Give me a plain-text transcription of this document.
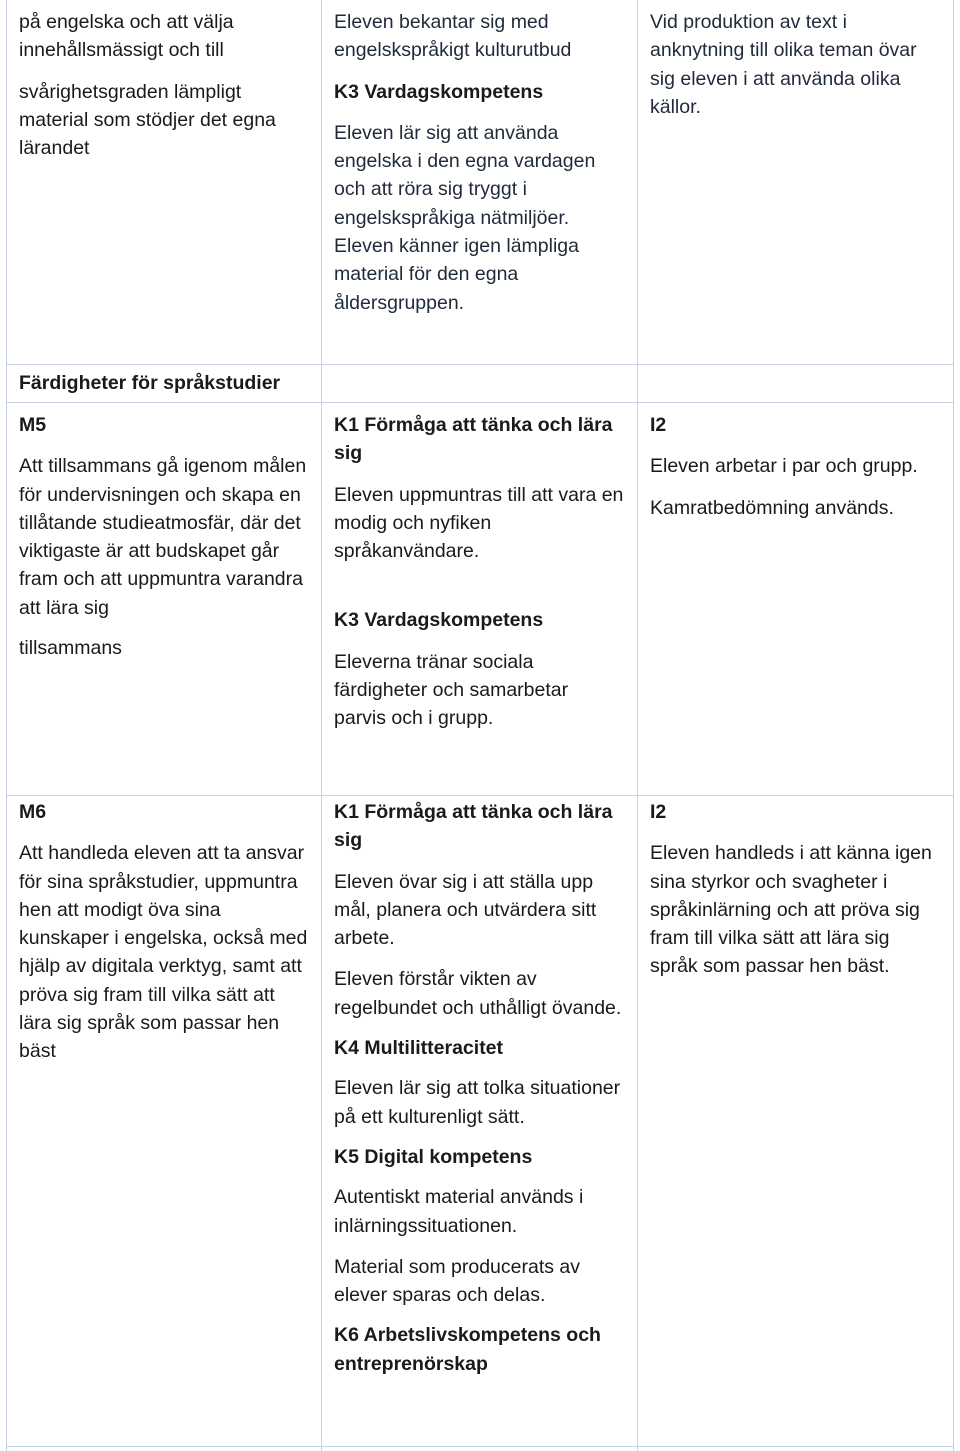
på engelska och att välja

innehållsmässigt och till

svårighetsgraden lämpligt material som stödjer det egna lärandet

Eleven bekantar sig med engelskspråkigt kulturutbud

K3 Vardagskompetens

Eleven lär sig att använda engelska i den egna vardagen och att röra sig tryggt i engelskspråkiga nätmiljöer. Eleven känner igen lämpliga material för den egna åldersgruppen.

Vid produktion av text i anknytning till olika teman övar sig eleven i att använda olika källor.

Färdigheter för språkstudier

M5

Att tillsammans gå igenom målen för undervisningen och skapa en tillåtande studieatmosfär, där det viktigaste är att budskapet går fram och att uppmuntra varandra att lära sig

tillsammans

K1 Förmåga att tänka och lära sig

Eleven uppmuntras till att vara en modig och nyfiken språkanvändare.

K3 Vardagskompetens

Eleverna tränar sociala färdigheter och samarbetar parvis och i grupp.

I2

Eleven arbetar i par och grupp.

Kamratbedömning används.

M6

Att handleda eleven att ta ansvar för sina språkstudier, uppmuntra hen att modigt öva sina kunskaper i engelska, också med hjälp av digitala verktyg, samt att pröva sig fram till vilka sätt att lära sig språk som passar hen bäst

K1 Förmåga att tänka och lära sig

Eleven övar sig i att ställa upp mål, planera och utvärdera sitt arbete.

Eleven förstår vikten av regelbundet och uthålligt övande.

K4 Multilitteracitet

Eleven lär sig att tolka situationer på ett kulturenligt sätt.

K5 Digital kompetens

Autentiskt material används i inlärningssituationen.

Material som producerats av elever sparas och delas.

K6 Arbetslivskompetens och entreprenörskap

I2

Eleven handleds i att känna igen sina styrkor och svagheter i språkinlärning och att pröva sig fram till vilka sätt att lära sig språk som passar hen bäst.
